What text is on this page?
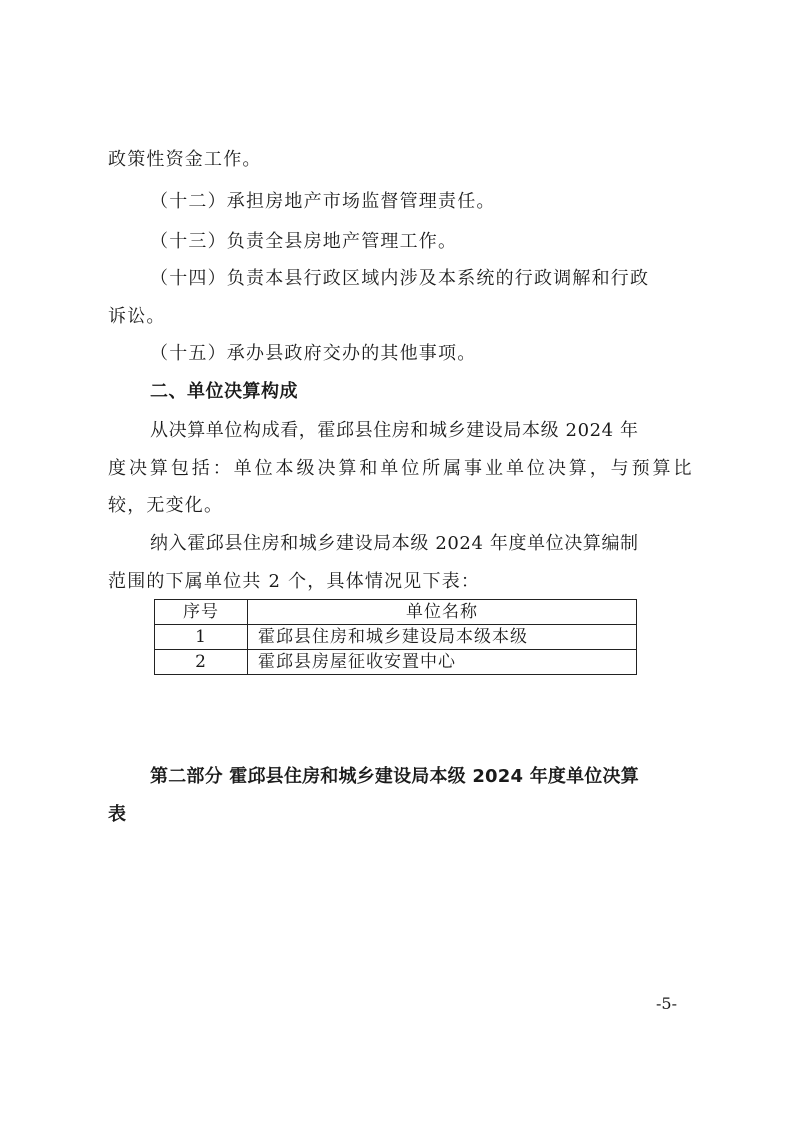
政策性资金工作。
（十二）承担房地产市场监督管理责任。
（十三）负责全县房地产管理工作。
（十四）负责本县行政区域内涉及本系统的行政调解和行政
诉讼。
（十五）承办县政府交办的其他事项。
二、单位决算构成
从决算单位构成看，霍邱县住房和城乡建设局本级 2024 年
度决算包括：单位本级决算和单位所属事业单位决算，与预算比
较，无变化。
纳入霍邱县住房和城乡建设局本级 2024 年度单位决算编制
范围的下属单位共 2 个，具体情况见下表：
序号	单位名称
1	霍邱县住房和城乡建设局本级本级
2	霍邱县房屋征收安置中心
第二部分 霍邱县住房和城乡建设局本级 2024 年度单位决算
表
-5-
